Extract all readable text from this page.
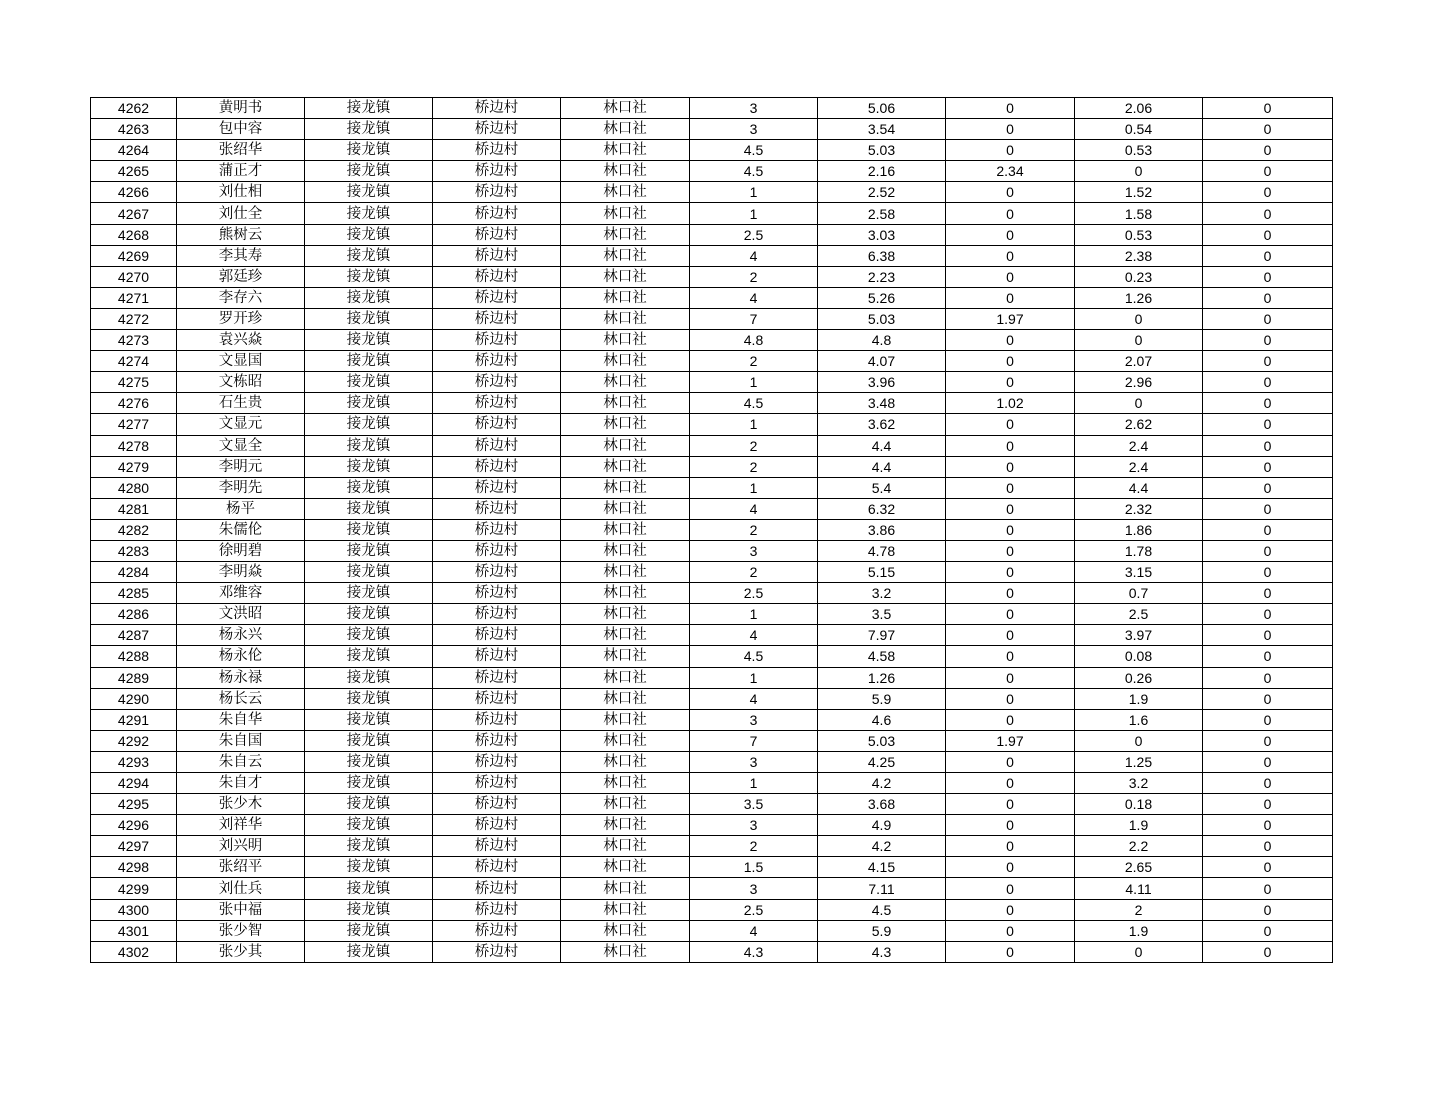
4262	黄明书	接龙镇	桥边村	林口社	3	5.06	0	2.06	0
4263	包中容	接龙镇	桥边村	林口社	3	3.54	0	0.54	0
4264	张绍华	接龙镇	桥边村	林口社	4.5	5.03	0	0.53	0
4265	蒲正才	接龙镇	桥边村	林口社	4.5	2.16	2.34	0	0
4266	刘仕相	接龙镇	桥边村	林口社	1	2.52	0	1.52	0
4267	刘仕全	接龙镇	桥边村	林口社	1	2.58	0	1.58	0
4268	熊树云	接龙镇	桥边村	林口社	2.5	3.03	0	0.53	0
4269	李其寿	接龙镇	桥边村	林口社	4	6.38	0	2.38	0
4270	郭廷珍	接龙镇	桥边村	林口社	2	2.23	0	0.23	0
4271	李存六	接龙镇	桥边村	林口社	4	5.26	0	1.26	0
4272	罗开珍	接龙镇	桥边村	林口社	7	5.03	1.97	0	0
4273	袁兴焱	接龙镇	桥边村	林口社	4.8	4.8	0	0	0
4274	文显国	接龙镇	桥边村	林口社	2	4.07	0	2.07	0
4275	文栋昭	接龙镇	桥边村	林口社	1	3.96	0	2.96	0
4276	石生贵	接龙镇	桥边村	林口社	4.5	3.48	1.02	0	0
4277	文显元	接龙镇	桥边村	林口社	1	3.62	0	2.62	0
4278	文显全	接龙镇	桥边村	林口社	2	4.4	0	2.4	0
4279	李明元	接龙镇	桥边村	林口社	2	4.4	0	2.4	0
4280	李明先	接龙镇	桥边村	林口社	1	5.4	0	4.4	0
4281	杨平	接龙镇	桥边村	林口社	4	6.32	0	2.32	0
4282	朱儒伦	接龙镇	桥边村	林口社	2	3.86	0	1.86	0
4283	徐明碧	接龙镇	桥边村	林口社	3	4.78	0	1.78	0
4284	李明焱	接龙镇	桥边村	林口社	2	5.15	0	3.15	0
4285	邓维容	接龙镇	桥边村	林口社	2.5	3.2	0	0.7	0
4286	文洪昭	接龙镇	桥边村	林口社	1	3.5	0	2.5	0
4287	杨永兴	接龙镇	桥边村	林口社	4	7.97	0	3.97	0
4288	杨永伦	接龙镇	桥边村	林口社	4.5	4.58	0	0.08	0
4289	杨永禄	接龙镇	桥边村	林口社	1	1.26	0	0.26	0
4290	杨长云	接龙镇	桥边村	林口社	4	5.9	0	1.9	0
4291	朱自华	接龙镇	桥边村	林口社	3	4.6	0	1.6	0
4292	朱自国	接龙镇	桥边村	林口社	7	5.03	1.97	0	0
4293	朱自云	接龙镇	桥边村	林口社	3	4.25	0	1.25	0
4294	朱自才	接龙镇	桥边村	林口社	1	4.2	0	3.2	0
4295	张少木	接龙镇	桥边村	林口社	3.5	3.68	0	0.18	0
4296	刘祥华	接龙镇	桥边村	林口社	3	4.9	0	1.9	0
4297	刘兴明	接龙镇	桥边村	林口社	2	4.2	0	2.2	0
4298	张绍平	接龙镇	桥边村	林口社	1.5	4.15	0	2.65	0
4299	刘仕兵	接龙镇	桥边村	林口社	3	7.11	0	4.11	0
4300	张中福	接龙镇	桥边村	林口社	2.5	4.5	0	2	0
4301	张少智	接龙镇	桥边村	林口社	4	5.9	0	1.9	0
4302	张少其	接龙镇	桥边村	林口社	4.3	4.3	0	0	0
